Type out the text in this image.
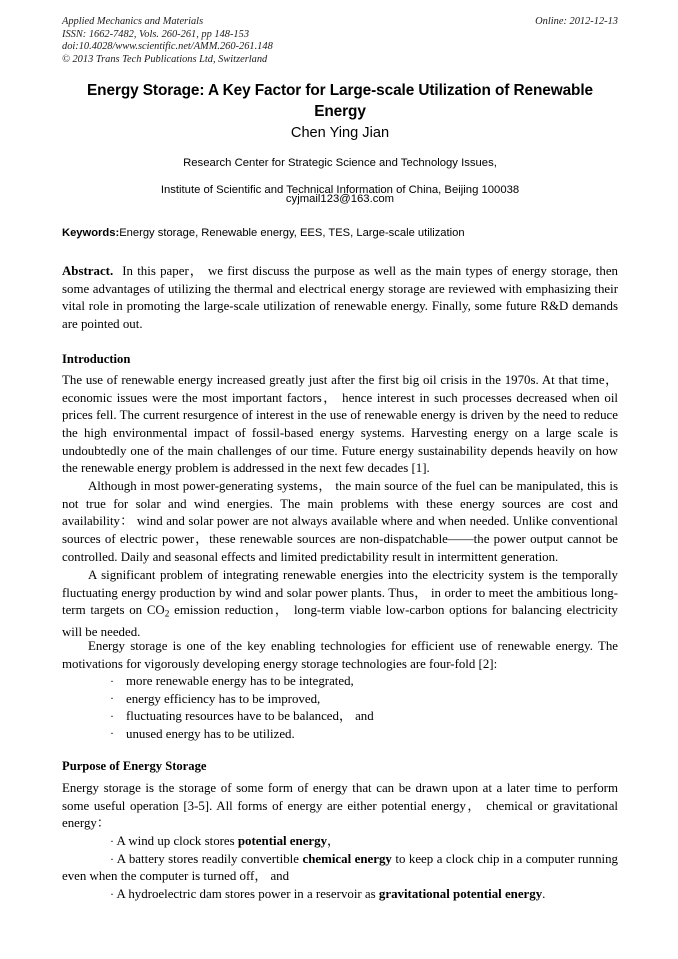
Applied Mechanics and Materials	Online: 2012-12-13
ISSN: 1662-7482, Vols. 260-261, pp 148-153
doi:10.4028/www.scientific.net/AMM.260-261.148
© 2013 Trans Tech Publications Ltd, Switzerland
Energy Storage: A Key Factor for Large-scale Utilization of Renewable Energy
Chen Ying Jian
Research Center for Strategic Science and Technology Issues,
Institute of Scientific and Technical Information of China, Beijing 100038
cyjmail123@163.com
Keywords:Energy storage, Renewable energy, EES, TES, Large-scale utilization
Abstract. In this paper， we first discuss the purpose as well as the main types of energy storage, then some advantages of utilizing the thermal and electrical energy storage are reviewed with emphasizing their vital role in promoting the large-scale utilization of renewable energy. Finally, some future R&D demands are pointed out.
Introduction
The use of renewable energy increased greatly just after the first big oil crisis in the 1970s. At that time， economic issues were the most important factors， hence interest in such processes decreased when oil prices fell. The current resurgence of interest in the use of renewable energy is driven by the need to reduce the high environmental impact of fossil-based energy systems. Harvesting energy on a large scale is undoubtedly one of the main challenges of our time. Future energy sustainability depends heavily on how the renewable energy problem is addressed in the next few decades [1].

Although in most power-generating systems， the main source of the fuel can be manipulated, this is not true for solar and wind energies. The main problems with these energy sources are cost and availability： wind and solar power are not always available where and when needed. Unlike conventional sources of electric power，these renewable sources are non-dispatchable——the power output cannot be controlled. Daily and seasonal effects and limited predictability result in intermittent generation.

A significant problem of integrating renewable energies into the electricity system is the temporally fluctuating energy production by wind and solar power plants. Thus， in order to meet the ambitious long-term targets on $CO_2$ emission reduction， long-term viable low-carbon options for balancing electricity will be needed.

Energy storage is one of the key enabling technologies for efficient use of renewable energy. The motivations for vigorously developing energy storage technologies are four-fold [2]:

· more renewable energy has to be integrated,
· energy efficiency has to be improved,
· fluctuating resources have to be balanced， and
· unused energy has to be utilized.
Purpose of Energy Storage
Energy storage is the storage of some form of energy that can be drawn upon at a later time to perform some useful operation [3-5]. All forms of energy are either potential energy， chemical or gravitational energy：
· A wind up clock stores potential energy，
· A battery stores readily convertible chemical energy to keep a clock chip in a computer running even when the computer is turned off， and
· A hydroelectric dam stores power in a reservoir as gravitational potential energy.
